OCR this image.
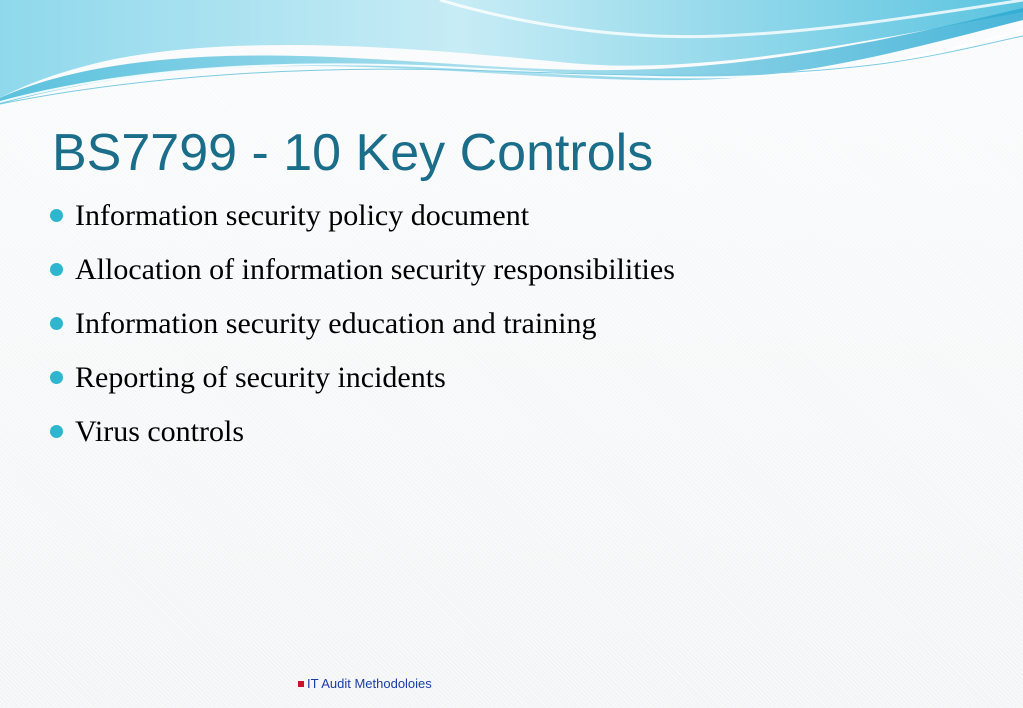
BS7799 - 10 Key Controls
Information security policy document
Allocation of information security responsibilities
Information security education and training
Reporting of security incidents
Virus controls
IT Audit Methodoloies
